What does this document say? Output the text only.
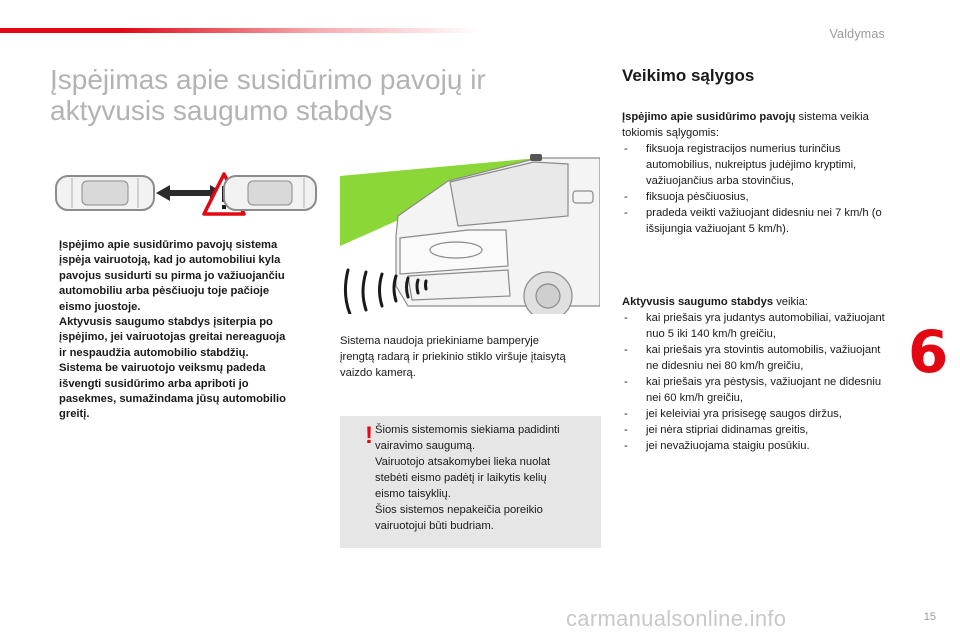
Valdymas
Įspėjimas apie susidūrimo pavojų ir aktyvusis saugumo stabdys

Įspėjimo apie susidūrimo pavojų sistema
įspėja vairuotoją, kad jo automobiliui kyla
pavojus susidurti su pirma jo važiuojančiu
automobiliu arba pėsčiuoju toje pačioje
eismo juostoje.
Aktyvusis saugumo stabdys įsiterpia po
įspėjimo, jei vairuotojas greitai nereaguoja
ir nespaudžia automobilio stabdžių.
Sistema be vairuotojo veiksmų padeda
išvengti susidūrimo arba apriboti jo
pasekmes, sumažindama jūsų automobilio
greitį.

Sistema naudoja priekiniame bamperyje
įrengtą radarą ir priekinio stiklo viršuje įtaisytą
vaizdo kamerą.

! Šiomis sistemomis siekiama padidinti
vairavimo saugumą.
Vairuotojo atsakomybei lieka nuolat
stebėti eismo padėtį ir laikytis kelių
eismo taisyklių.
Šios sistemos nepakeičia poreikio
vairuotojui būti budriam.

Veikimo sąlygos

Įspėjimo apie susidūrimo pavojų sistema veikia tokiomis sąlygomis:

- fiksuoja registracijos numerius turinčius automobilius, nukreiptus judėjimo kryptimi, važiuojančius arba stovinčius,
- fiksuoja pėsčiuosius,
- pradeda veikti važiuojant didesniu nei 7 km/h (o išsijungia važiuojant 5 km/h).

Aktyvusis saugumo stabdys veikia:

- kai priešais yra judantys automobiliai, važiuojant nuo 5 iki 140 km/h greičiu,
- kai priešais yra stovintis automobilis, važiuojant ne didesniu nei 80 km/h greičiu,
- kai priešais yra pėstysis, važiuojant ne didesniu nei 60 km/h greičiu,
- jei keleiviai yra prisisegę saugos diržus,
- jei nėra stipriai didinamas greitis,
- jei nevažiuojama staigiu posūkiu.
6
carmanualsonline.info	15
